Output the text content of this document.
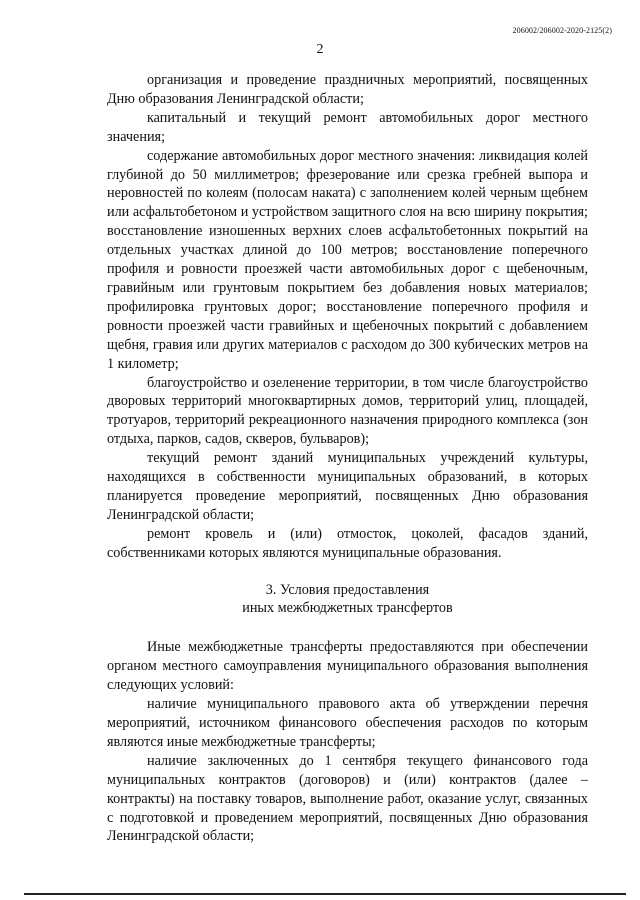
206002/206002-2020-2125(2)
2

организация и проведение праздничных мероприятий, посвященных Дню образования Ленинградской области;

капитальный и текущий ремонт автомобильных дорог местного значения;

содержание автомобильных дорог местного значения: ликвидация колей глубиной до 50 миллиметров; фрезерование или срезка гребней выпора и неровностей по колеям (полосам наката) с заполнением колей черным щебнем или асфальтобетоном и устройством защитного слоя на всю ширину покрытия; восстановление изношенных верхних слоев асфальтобетонных покрытий на отдельных участках длиной до 100 метров; восстановление поперечного профиля и ровности проезжей части автомобильных дорог с щебеночным, гравийным или грунтовым покрытием без добавления новых материалов; профилировка грунтовых дорог; восстановление поперечного профиля и ровности проезжей части гравийных и щебеночных покрытий с добавлением щебня, гравия или других материалов с расходом до 300 кубических метров на 1 километр;

благоустройство и озеленение территории, в том числе благоустройство дворовых территорий многоквартирных домов, территорий улиц, площадей, тротуаров, территорий рекреационного назначения природного комплекса (зон отдыха, парков, садов, скверов, бульваров);

текущий ремонт зданий муниципальных учреждений культуры, находящихся в собственности муниципальных образований, в которых планируется проведение мероприятий, посвященных Дню образования Ленинградской области;

ремонт кровель и (или) отмосток, цоколей, фасадов зданий, собственниками которых являются муниципальные образования.

3. Условия предоставления
иных межбюджетных трансфертов

Иные межбюджетные трансферты предоставляются при обеспечении органом местного самоуправления муниципального образования выполнения следующих условий:

наличие муниципального правового акта об утверждении перечня мероприятий, источником финансового обеспечения расходов по которым являются иные межбюджетные трансферты;

наличие заключенных до 1 сентября текущего финансового года муниципальных контрактов (договоров) и (или) контрактов (далее – контракты) на поставку товаров, выполнение работ, оказание услуг, связанных с подготовкой и проведением мероприятий, посвященных Дню образования Ленинградской области;
